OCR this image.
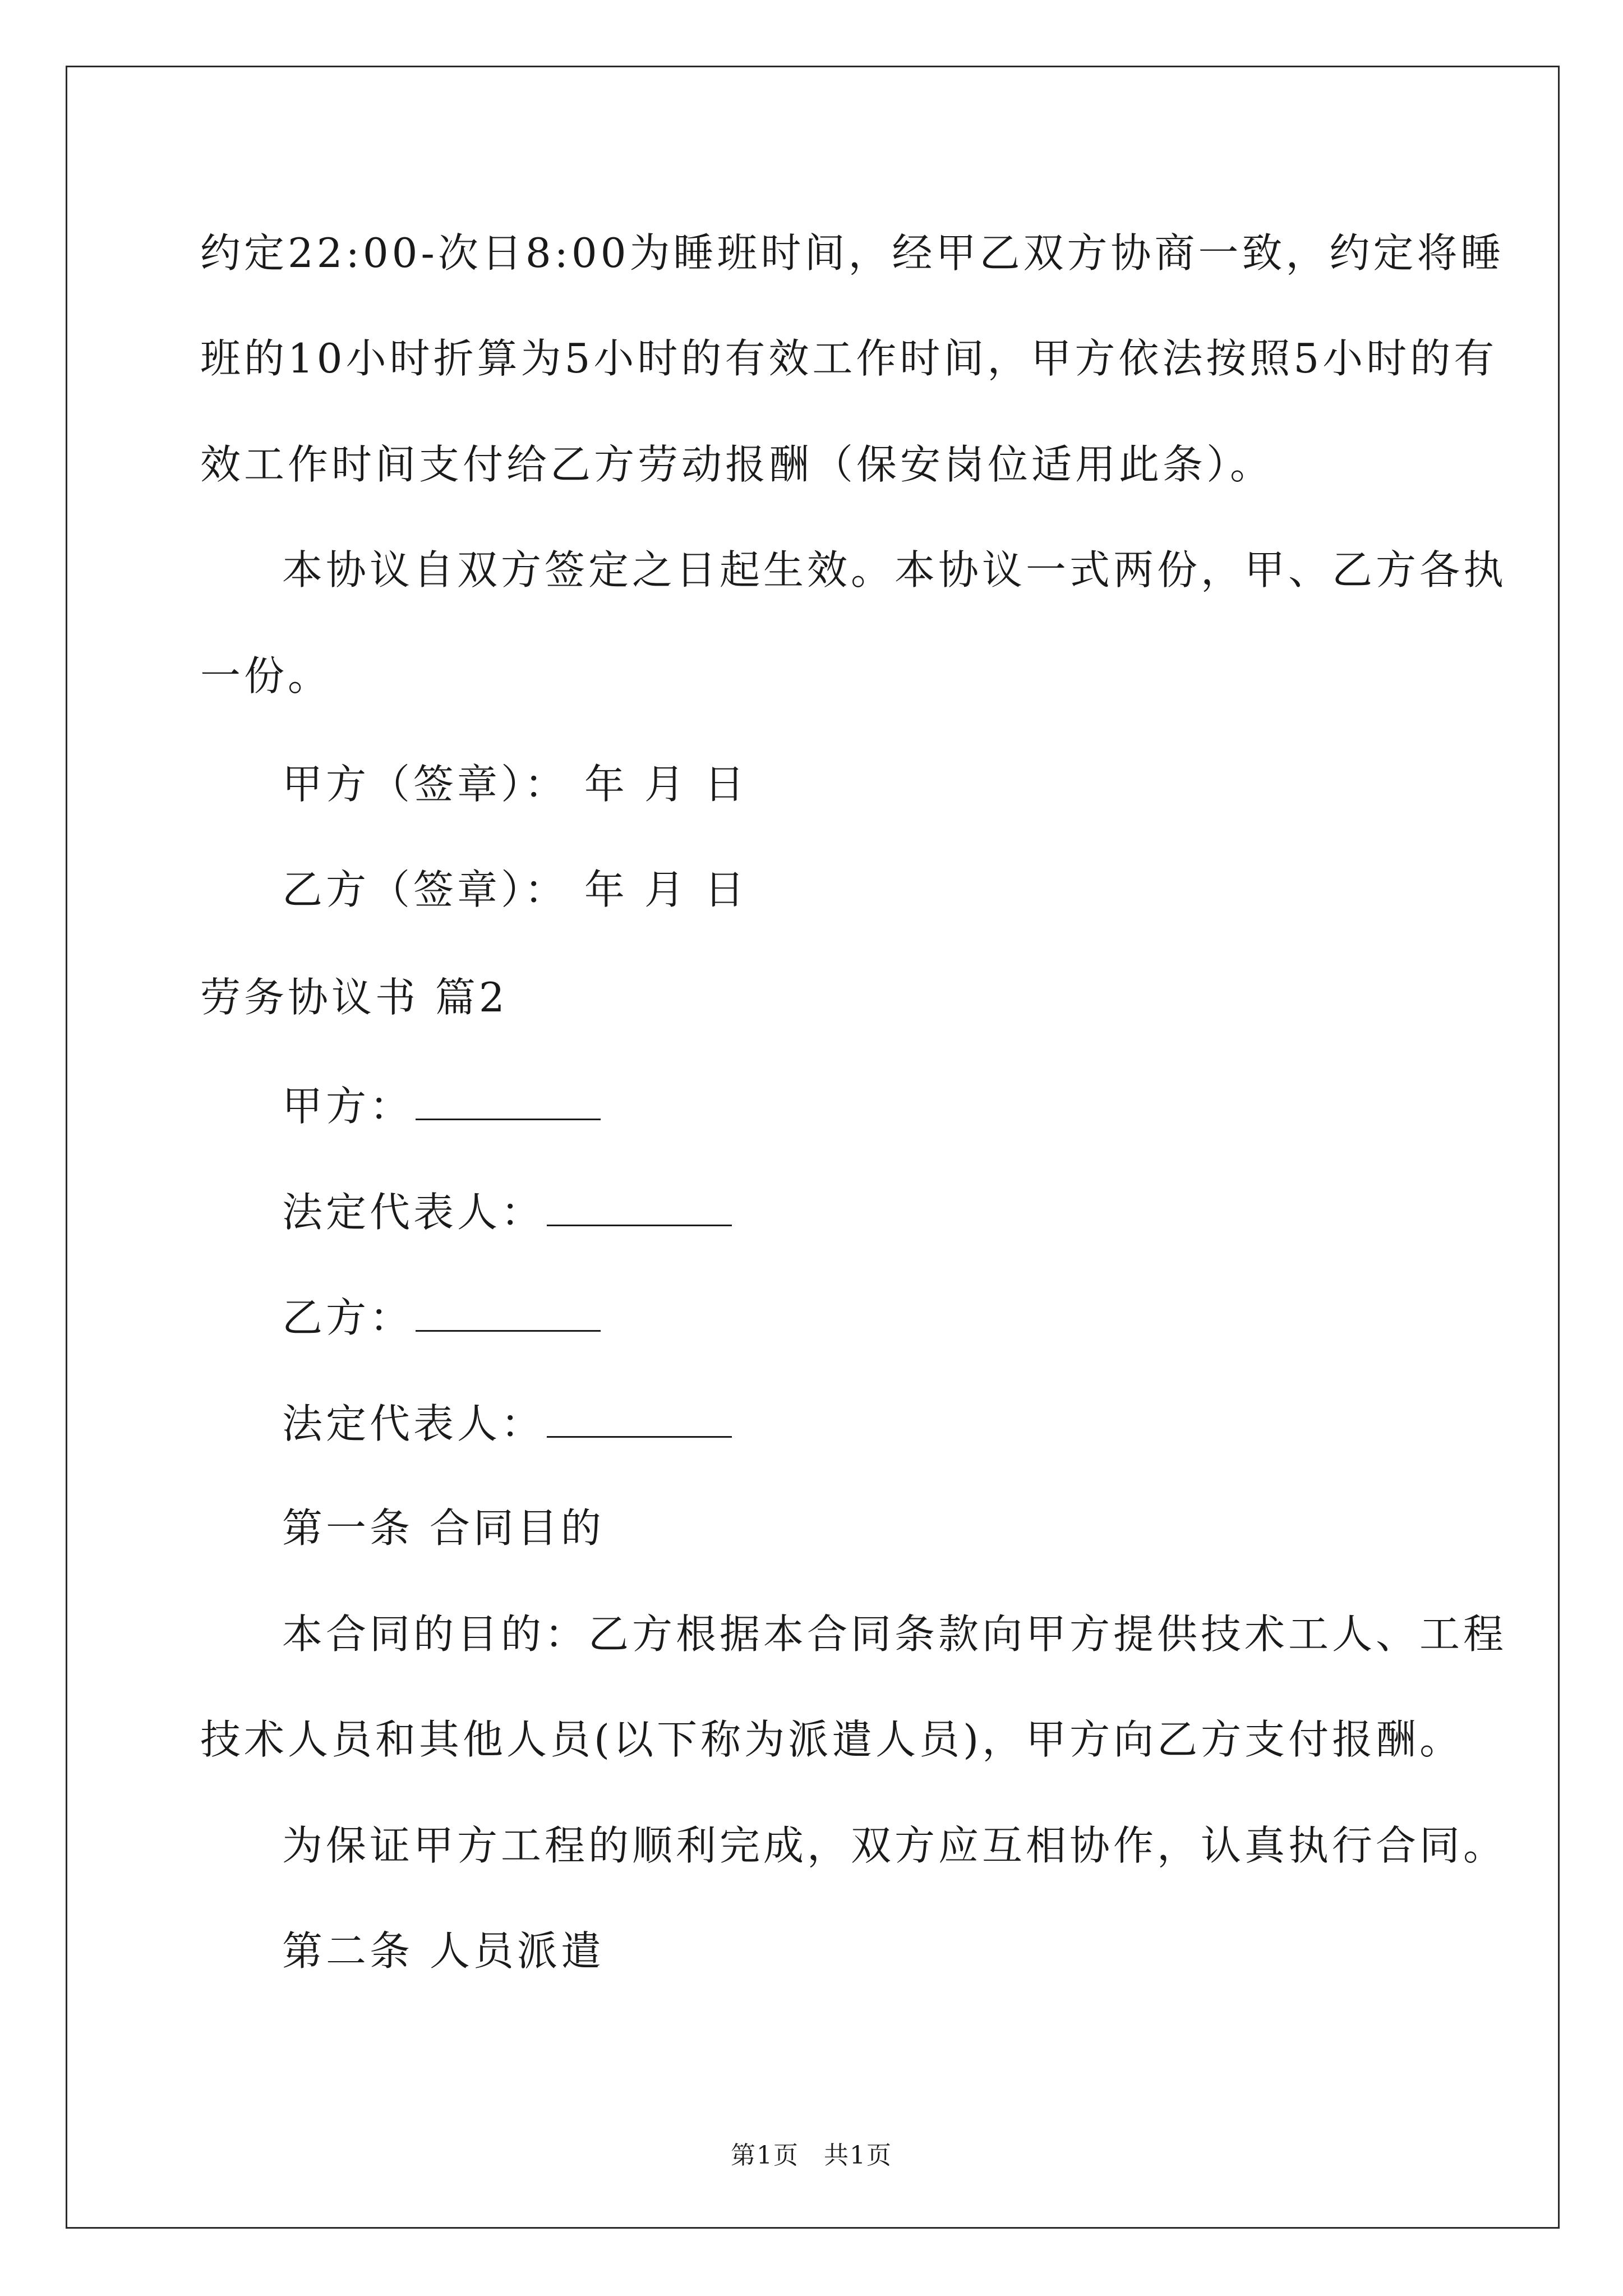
约定22:00-次日8:00为睡班时间，经甲乙双方协商一致，约定将睡
班的10小时折算为5小时的有效工作时间，甲方依法按照5小时的有
效工作时间支付给乙方劳动报酬（保安岗位适用此条）。
本协议自双方签定之日起生效。本协议一式两份，甲、乙方各执
一份。
甲方（签章）： 年 月 日
乙方（签章）： 年 月 日
劳务协议书 篇2
甲方：
法定代表人：
乙方：
法定代表人：
第一条 合同目的
本合同的目的：乙方根据本合同条款向甲方提供技术工人、工程
技术人员和其他人员(以下称为派遣人员)，甲方向乙方支付报酬。
为保证甲方工程的顺利完成，双方应互相协作，认真执行合同。
第二条 人员派遣
第1页 共1页
